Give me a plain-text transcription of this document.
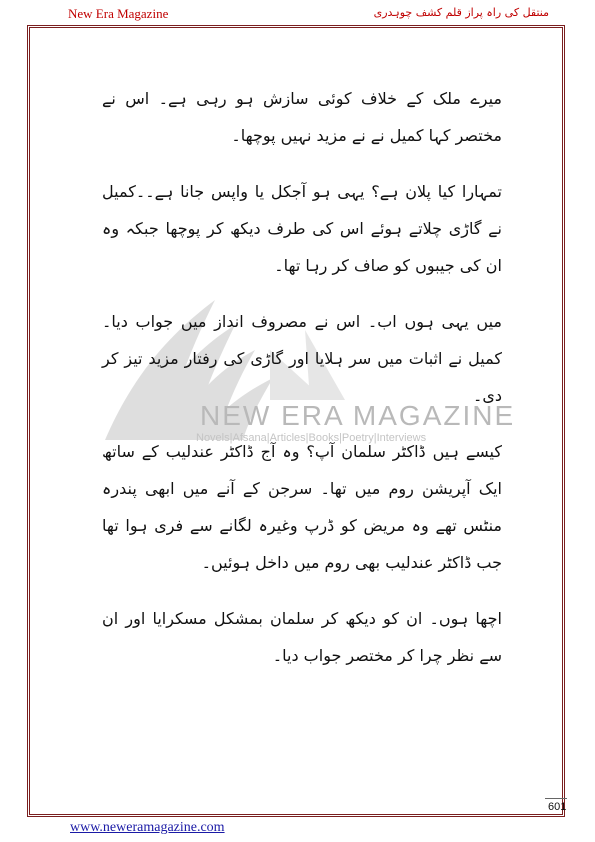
New Era Magazine	منتقل کی راہ پراز قلم کشف چوہدری
NEW ERA MAGAZINE
Novels|Afsana|Articles|Books|Poetry|Interviews

میرے ملک کے خلاف کوئی سازش ہو رہی ہے۔ اس نے مختصر کہا کمیل نے نے مزید نہیں پوچھا۔

تمہارا کیا پلان ہے؟ یہی ہو آجکل یا واپس جانا ہے۔۔کمیل نے گاڑی چلاتے ہوئے اس کی طرف دیکھ کر پوچھا جبکہ وہ ان کی جیبوں کو صاف کر رہا تھا۔

میں یہی ہوں اب۔ اس نے مصروف انداز میں جواب دیا۔ کمیل نے اثبات میں سر ہلایا اور گاڑی کی رفتار مزید تیز کر دی۔

کیسے ہیں ڈاکٹر سلمان آپ؟ وہ آج ڈاکٹر عندلیب کے ساتھ ایک آپریشن روم میں تھا۔ سرجن کے آنے میں ابھی پندرہ منٹس تھے وہ مریض کو ڈرپ وغیرہ لگانے سے فری ہوا تھا جب ڈاکٹر عندلیب بھی روم میں داخل ہوئیں۔

اچھا ہوں۔ ان کو دیکھ کر سلمان بمشکل مسکرایا اور ان سے نظر چرا کر مختصر جواب دیا۔

601
www.neweramagazine.com
